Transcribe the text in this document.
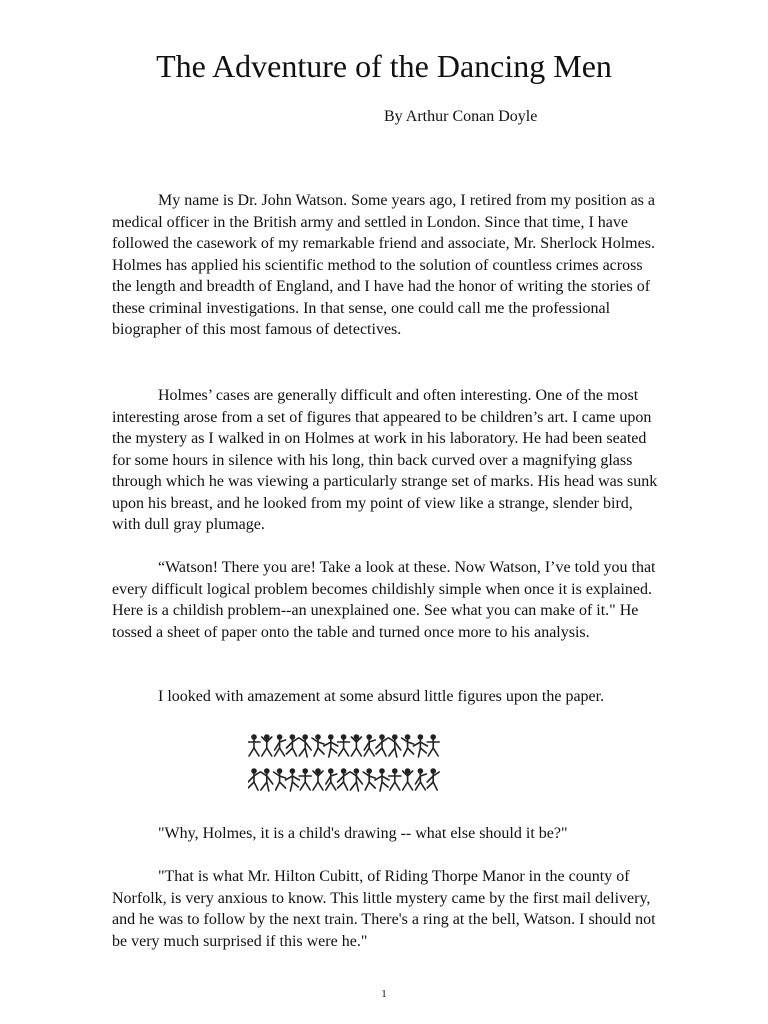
The Adventure of the Dancing Men
By Arthur Conan Doyle

My name is Dr. John Watson. Some years ago, I retired from my position as a medical officer in the British army and settled in London. Since that time, I have followed the casework of my remarkable friend and associate, Mr. Sherlock Holmes. Holmes has applied his scientific method to the solution of countless crimes across the length and breadth of England, and I have had the honor of writing the stories of these criminal investigations. In that sense, one could call me the professional biographer of this most famous of detectives.

Holmes’ cases are generally difficult and often interesting. One of the most interesting arose from a set of figures that appeared to be children’s art. I came upon the mystery as I walked in on Holmes at work in his laboratory. He had been seated for some hours in silence with his long, thin back curved over a magnifying glass through which he was viewing a particularly strange set of marks. His head was sunk upon his breast, and he looked from my point of view like a strange, slender bird, with dull gray plumage.

“Watson! There you are! Take a look at these. Now Watson, I’ve told you that every difficult logical problem becomes childishly simple when once it is explained. Here is a childish problem--an unexplained one. See what you can make of it." He tossed a sheet of paper onto the table and turned once more to his analysis.

I looked with amazement at some absurd little figures upon the paper.

"Why, Holmes, it is a child's drawing -- what else should it be?"

"That is what Mr. Hilton Cubitt, of Riding Thorpe Manor in the county of Norfolk, is very anxious to know. This little mystery came by the first mail delivery, and he was to follow by the next train. There's a ring at the bell, Watson. I should not be very much surprised if this were he."

1
